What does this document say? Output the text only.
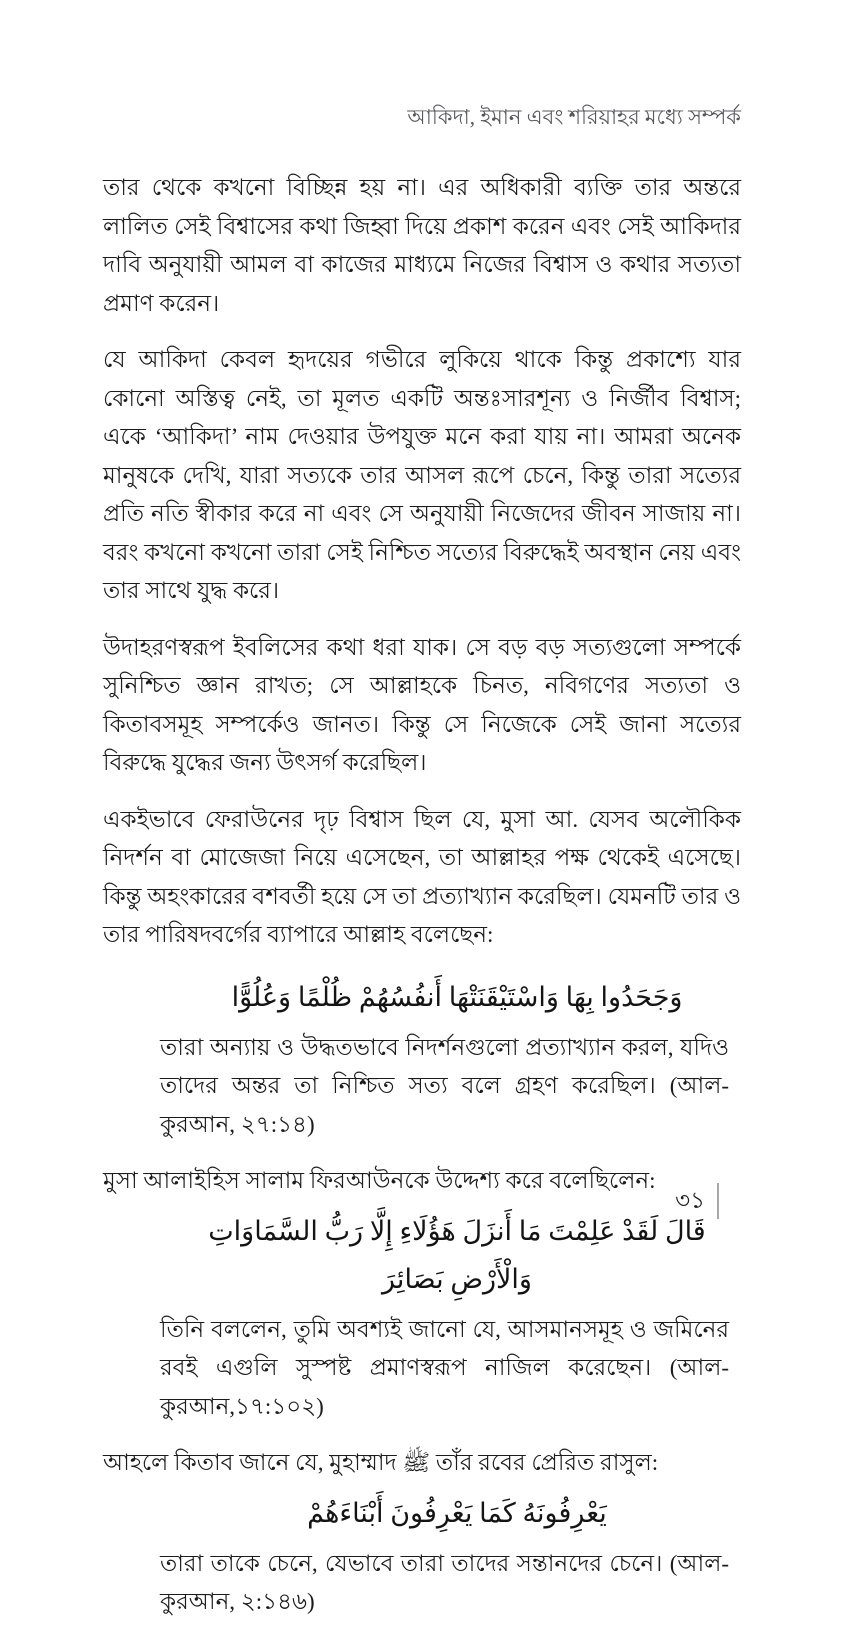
আকিদা, ইমান এবং শরিয়াহর মধ্যে সম্পর্ক

তার থেকে কখনো বিচ্ছিন্ন হয় না। এর অধিকারী ব্যক্তি তার অন্তরে লালিত সেই বিশ্বাসের কথা জিহ্বা দিয়ে প্রকাশ করেন এবং সেই আকিদার দাবি অনুযায়ী আমল বা কাজের মাধ্যমে নিজের বিশ্বাস ও কথার সত্যতা প্রমাণ করেন।

যে আকিদা কেবল হৃদয়ের গভীরে লুকিয়ে থাকে কিন্তু প্রকাশ্যে যার কোনো অস্তিত্ব নেই, তা মূলত একটি অন্তঃসারশূন্য ও নির্জীব বিশ্বাস; একে ‘আকিদা’ নাম দেওয়ার উপযুক্ত মনে করা যায় না। আমরা অনেক মানুষকে দেখি, যারা সত্যকে তার আসল রূপে চেনে, কিন্তু তারা সত্যের প্রতি নতি স্বীকার করে না এবং সে অনুযায়ী নিজেদের জীবন সাজায় না। বরং কখনো কখনো তারা সেই নিশ্চিত সত্যের বিরুদ্ধেই অবস্থান নেয় এবং তার সাথে যুদ্ধ করে।

উদাহরণস্বরূপ ইবলিসের কথা ধরা যাক। সে বড় বড় সত্যগুলো সম্পর্কে সুনিশ্চিত জ্ঞান রাখত; সে আল্লাহকে চিনত, নবিগণের সত্যতা ও কিতাবসমূহ সম্পর্কেও জানত। কিন্তু সে নিজেকে সেই জানা সত্যের বিরুদ্ধে যুদ্ধের জন্য উৎসর্গ করেছিল।

একইভাবে ফেরাউনের দৃঢ় বিশ্বাস ছিল যে, মুসা আ. যেসব অলৌকিক নিদর্শন বা মোজেজা নিয়ে এসেছেন, তা আল্লাহর পক্ষ থেকেই এসেছে। কিন্তু অহংকারের বশবর্তী হয়ে সে তা প্রত্যাখ্যান করেছিল। যেমনটি তার ও তার পারিষদবর্গের ব্যাপারে আল্লাহ বলেছেন:

وَجَحَدُوا بِهَا وَاسْتَيْقَنَتْهَا أَنفُسُهُمْ ظُلْمًا وَعُلُوًّا

তারা অন্যায় ও উদ্ধতভাবে নিদর্শনগুলো প্রত্যাখ্যান করল, যদিও তাদের অন্তর তা নিশ্চিত সত্য বলে গ্রহণ করেছিল। (আল-কুরআন, ২৭:১৪)

মুসা আলাইহিস সালাম ফিরআউনকে উদ্দেশ্য করে বলেছিলেন:

قَالَ لَقَدْ عَلِمْتَ مَا أَنزَلَ هَؤُلَاءِ إِلَّا رَبُّ السَّمَاوَاتِ وَالْأَرْضِ بَصَائِرَ

তিনি বললেন, তুমি অবশ্যই জানো যে, আসমানসমূহ ও জমিনের রবই এগুলি সুস্পষ্ট প্রমাণস্বরূপ নাজিল করেছেন। (আল-কুরআন,১৭:১০২)

আহলে কিতাব জানে যে, মুহাম্মাদ ﷺ তাঁর রবের প্রেরিত রাসুল:

يَعْرِفُونَهُ كَمَا يَعْرِفُونَ أَبْنَاءَهُمْ

তারা তাকে চেনে, যেভাবে তারা তাদের সন্তানদের চেনে। (আল-কুরআন, ২:১৪৬)

৩১
